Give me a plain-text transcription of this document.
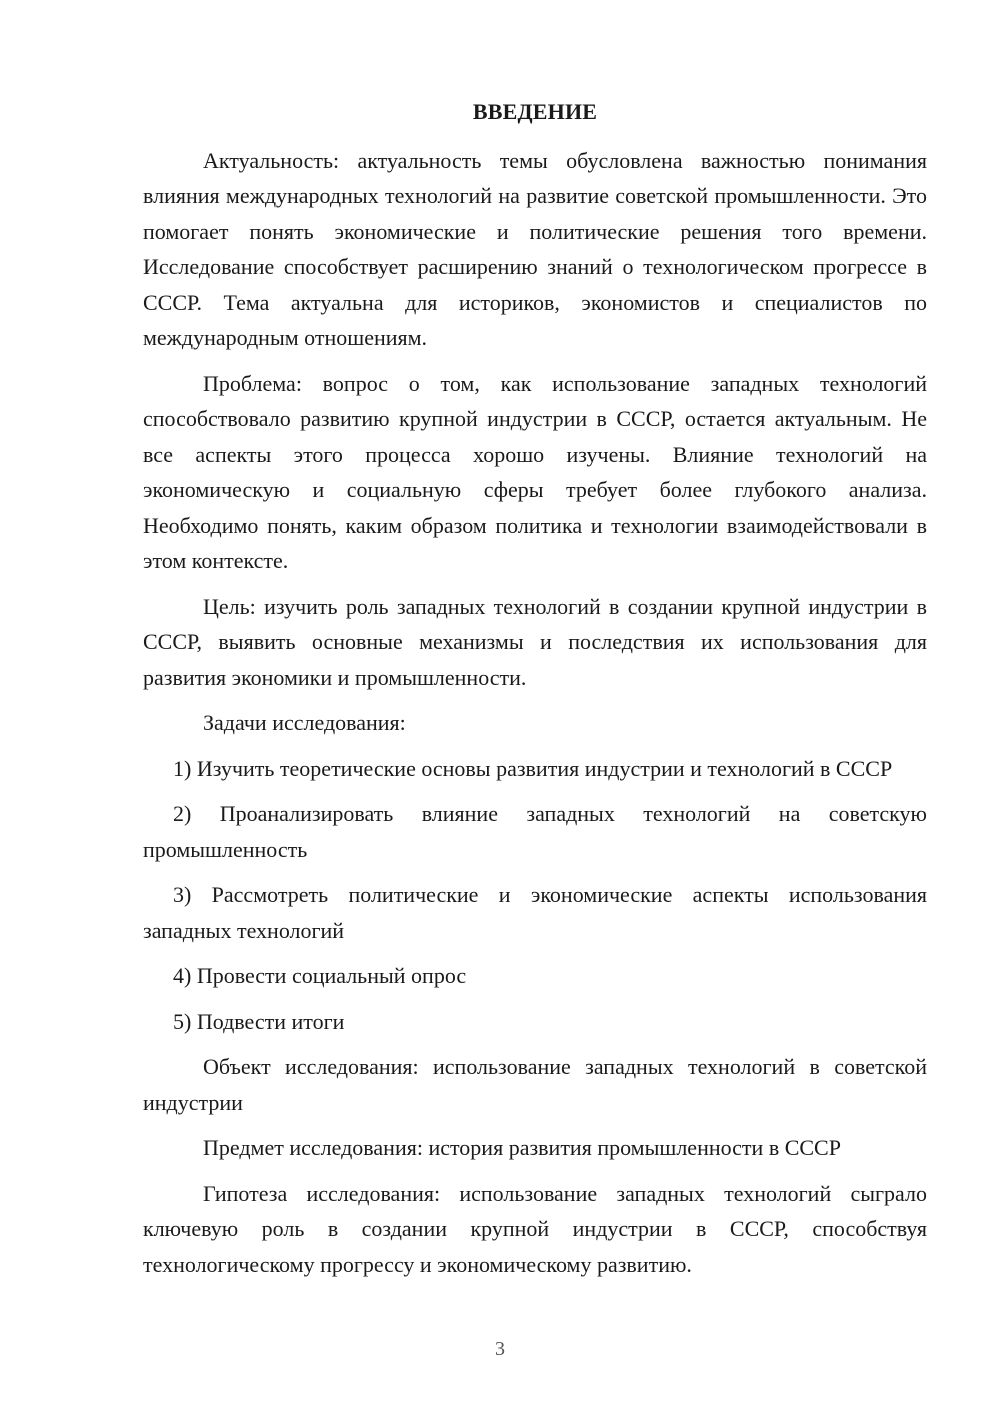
ВВЕДЕНИЕ

Актуальность: актуальность темы обусловлена важностью понимания влияния международных технологий на развитие советской промышленности. Это помогает понять экономические и политические решения того времени. Исследование способствует расширению знаний о технологическом прогрессе в СССР. Тема актуальна для историков, экономистов и специалистов по международным отношениям.

Проблема: вопрос о том, как использование западных технологий способствовало развитию крупной индустрии в СССР, остается актуальным. Не все аспекты этого процесса хорошо изучены. Влияние технологий на экономическую и социальную сферы требует более глубокого анализа. Необходимо понять, каким образом политика и технологии взаимодействовали в этом контексте.

Цель: изучить роль западных технологий в создании крупной индустрии в СССР, выявить основные механизмы и последствия их использования для развития экономики и промышленности.

Задачи исследования:

1) Изучить теоретические основы развития индустрии и технологий в СССР

2) Проанализировать влияние западных технологий на советскую промышленность

3) Рассмотреть политические и экономические аспекты использования западных технологий

4) Провести социальный опрос

5) Подвести итоги

Объект исследования: использование западных технологий в советской индустрии

Предмет исследования: история развития промышленности в СССР

Гипотеза исследования: использование западных технологий сыграло ключевую роль в создании крупной индустрии в СССР, способствуя технологическому прогрессу и экономическому развитию.

3
